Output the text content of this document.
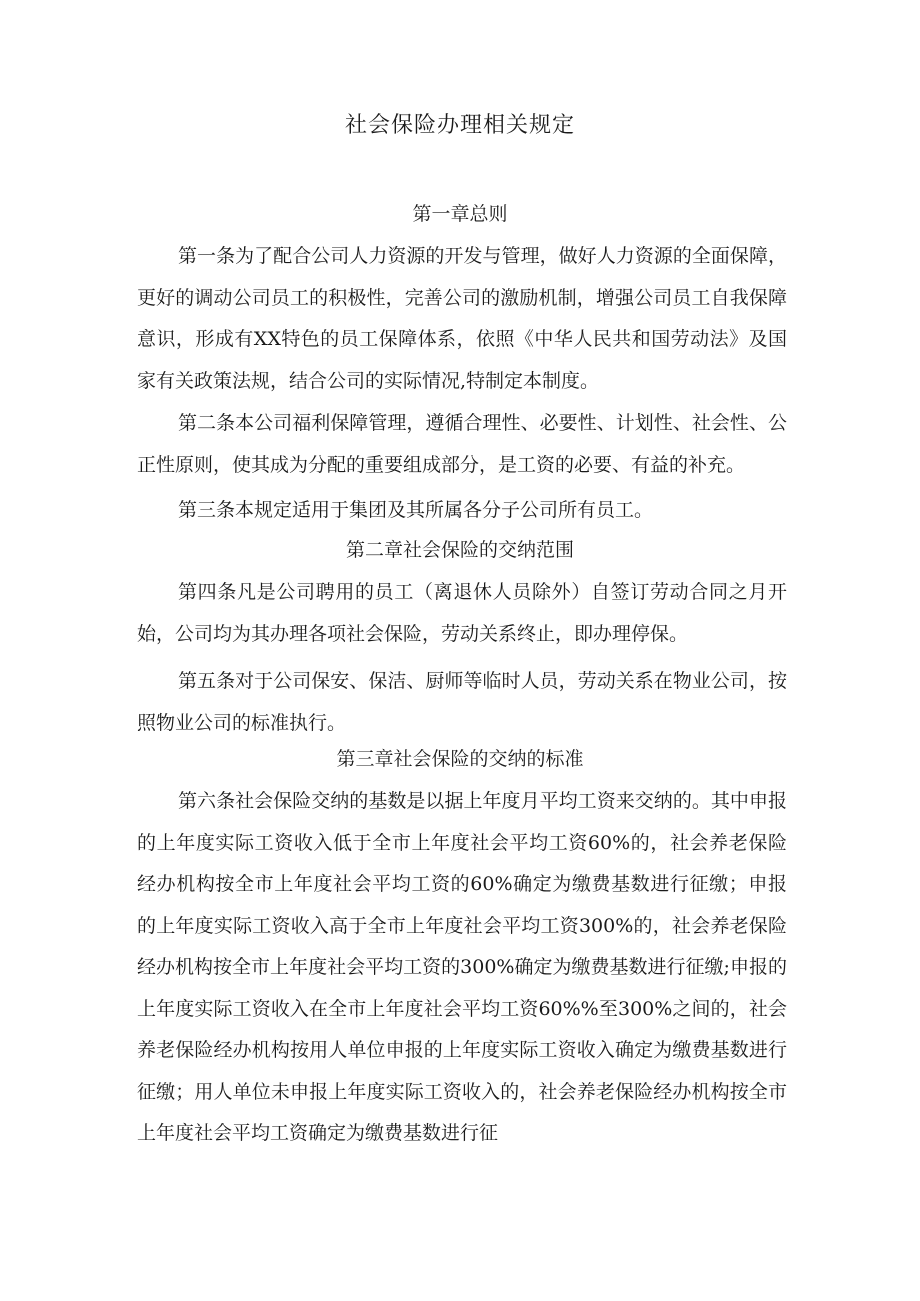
社会保险办理相关规定
第一章总则

第一条为了配合公司人力资源的开发与管理，做好人力资源的全面保障，更好的调动公司员工的积极性，完善公司的激励机制，增强公司员工自我保障意识，形成有XX特色的员工保障体系，依照《中华人民共和国劳动法》及国家有关政策法规，结合公司的实际情况,特制定本制度。

第二条本公司福利保障管理，遵循合理性、必要性、计划性、社会性、公正性原则，使其成为分配的重要组成部分，是工资的必要、有益的补充。

第三条本规定适用于集团及其所属各分子公司所有员工。

第二章社会保险的交纳范围

第四条凡是公司聘用的员工（离退休人员除外）自签订劳动合同之月开始，公司均为其办理各项社会保险，劳动关系终止，即办理停保。

第五条对于公司保安、保洁、厨师等临时人员，劳动关系在物业公司，按照物业公司的标准执行。

第三章社会保险的交纳的标准

第六条社会保险交纳的基数是以据上年度月平均工资来交纳的。其中申报的上年度实际工资收入低于全市上年度社会平均工资60%的，社会养老保险经办机构按全市上年度社会平均工资的60%确定为缴费基数进行征缴；申报的上年度实际工资收入高于全市上年度社会平均工资300%的，社会养老保险经办机构按全市上年度社会平均工资的300%确定为缴费基数进行征缴;申报的上年度实际工资收入在全市上年度社会平均工资60%%至300%之间的，社会养老保险经办机构按用人单位申报的上年度实际工资收入确定为缴费基数进行征缴；用人单位未申报上年度实际工资收入的，社会养老保险经办机构按全市上年度社会平均工资确定为缴费基数进行征
